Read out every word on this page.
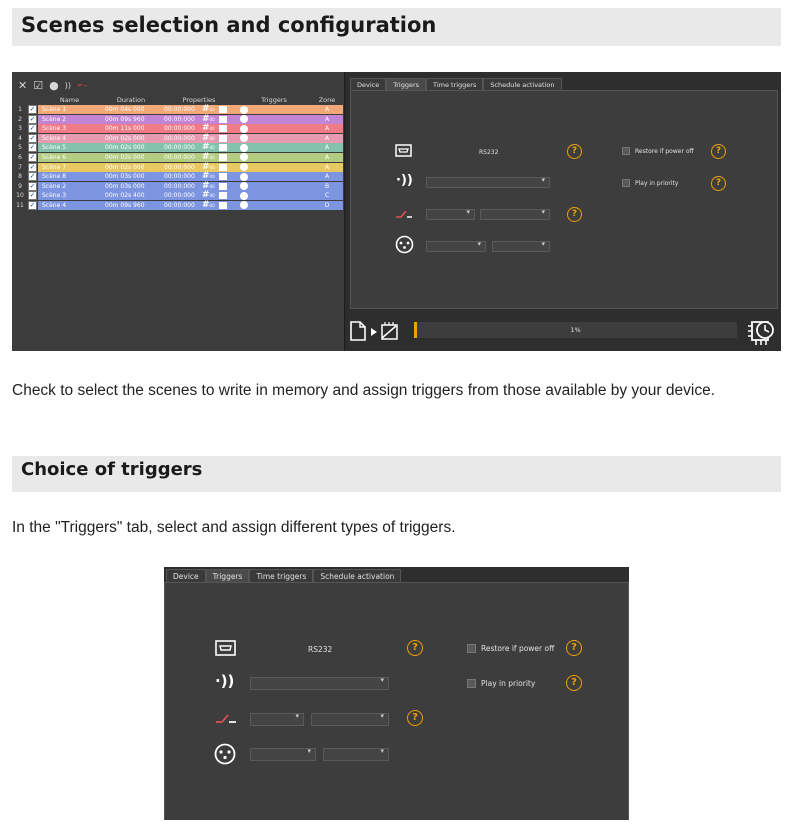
Scenes selection and configuration
✕ ☑ ● )) ⌐–
Name	Duration	Properties	Triggers	Zone
1	✓	Scène 1	00m 04s 000	00:00:000 # 00	A
2	✓	Scène 2	00m 09s 960	00:00:000 # 00	A
3	✓	Scène 3	00m 11s 000	00:00:000 # 00	A
4	✓	Scène 4	00m 02s 000	00:00:000 # 00	A
5	✓	Scène 5	00m 02s 000	00:00:000 # 00	A
6	✓	Scène 6	00m 02s 000	00:00:000 # 00	A
7	✓	Scène 7	00m 02s 000	00:00:000 # 00	A
8	✓	Scène 8	00m 03s 000	00:00:000 # 00	A
9	✓	Scène 2	00m 03s 000	00:00:000 # 00	B
10 ✓	Scène 3	00m 02s 400	00:00:000 # 00	C
11 ✓	Scène 4	00m 09s 960	00:00:000 # 00	D
Device	Triggers	Time triggers	Schedule activation
RS232	?	Restore if power off	?
·)) ▾	Play in priority	?
▾
▾
?
▾
▾
1%

Check to select the scenes to write in memory and assign triggers from those available by your device.

Choice of triggers

In the "Triggers" tab, select and assign different types of triggers.

Device	Triggers	Time triggers	Schedule activation
RS232	?	Restore if power off	?
·)) ▾	Play in priority	?
▾
▾
?
▾
▾
